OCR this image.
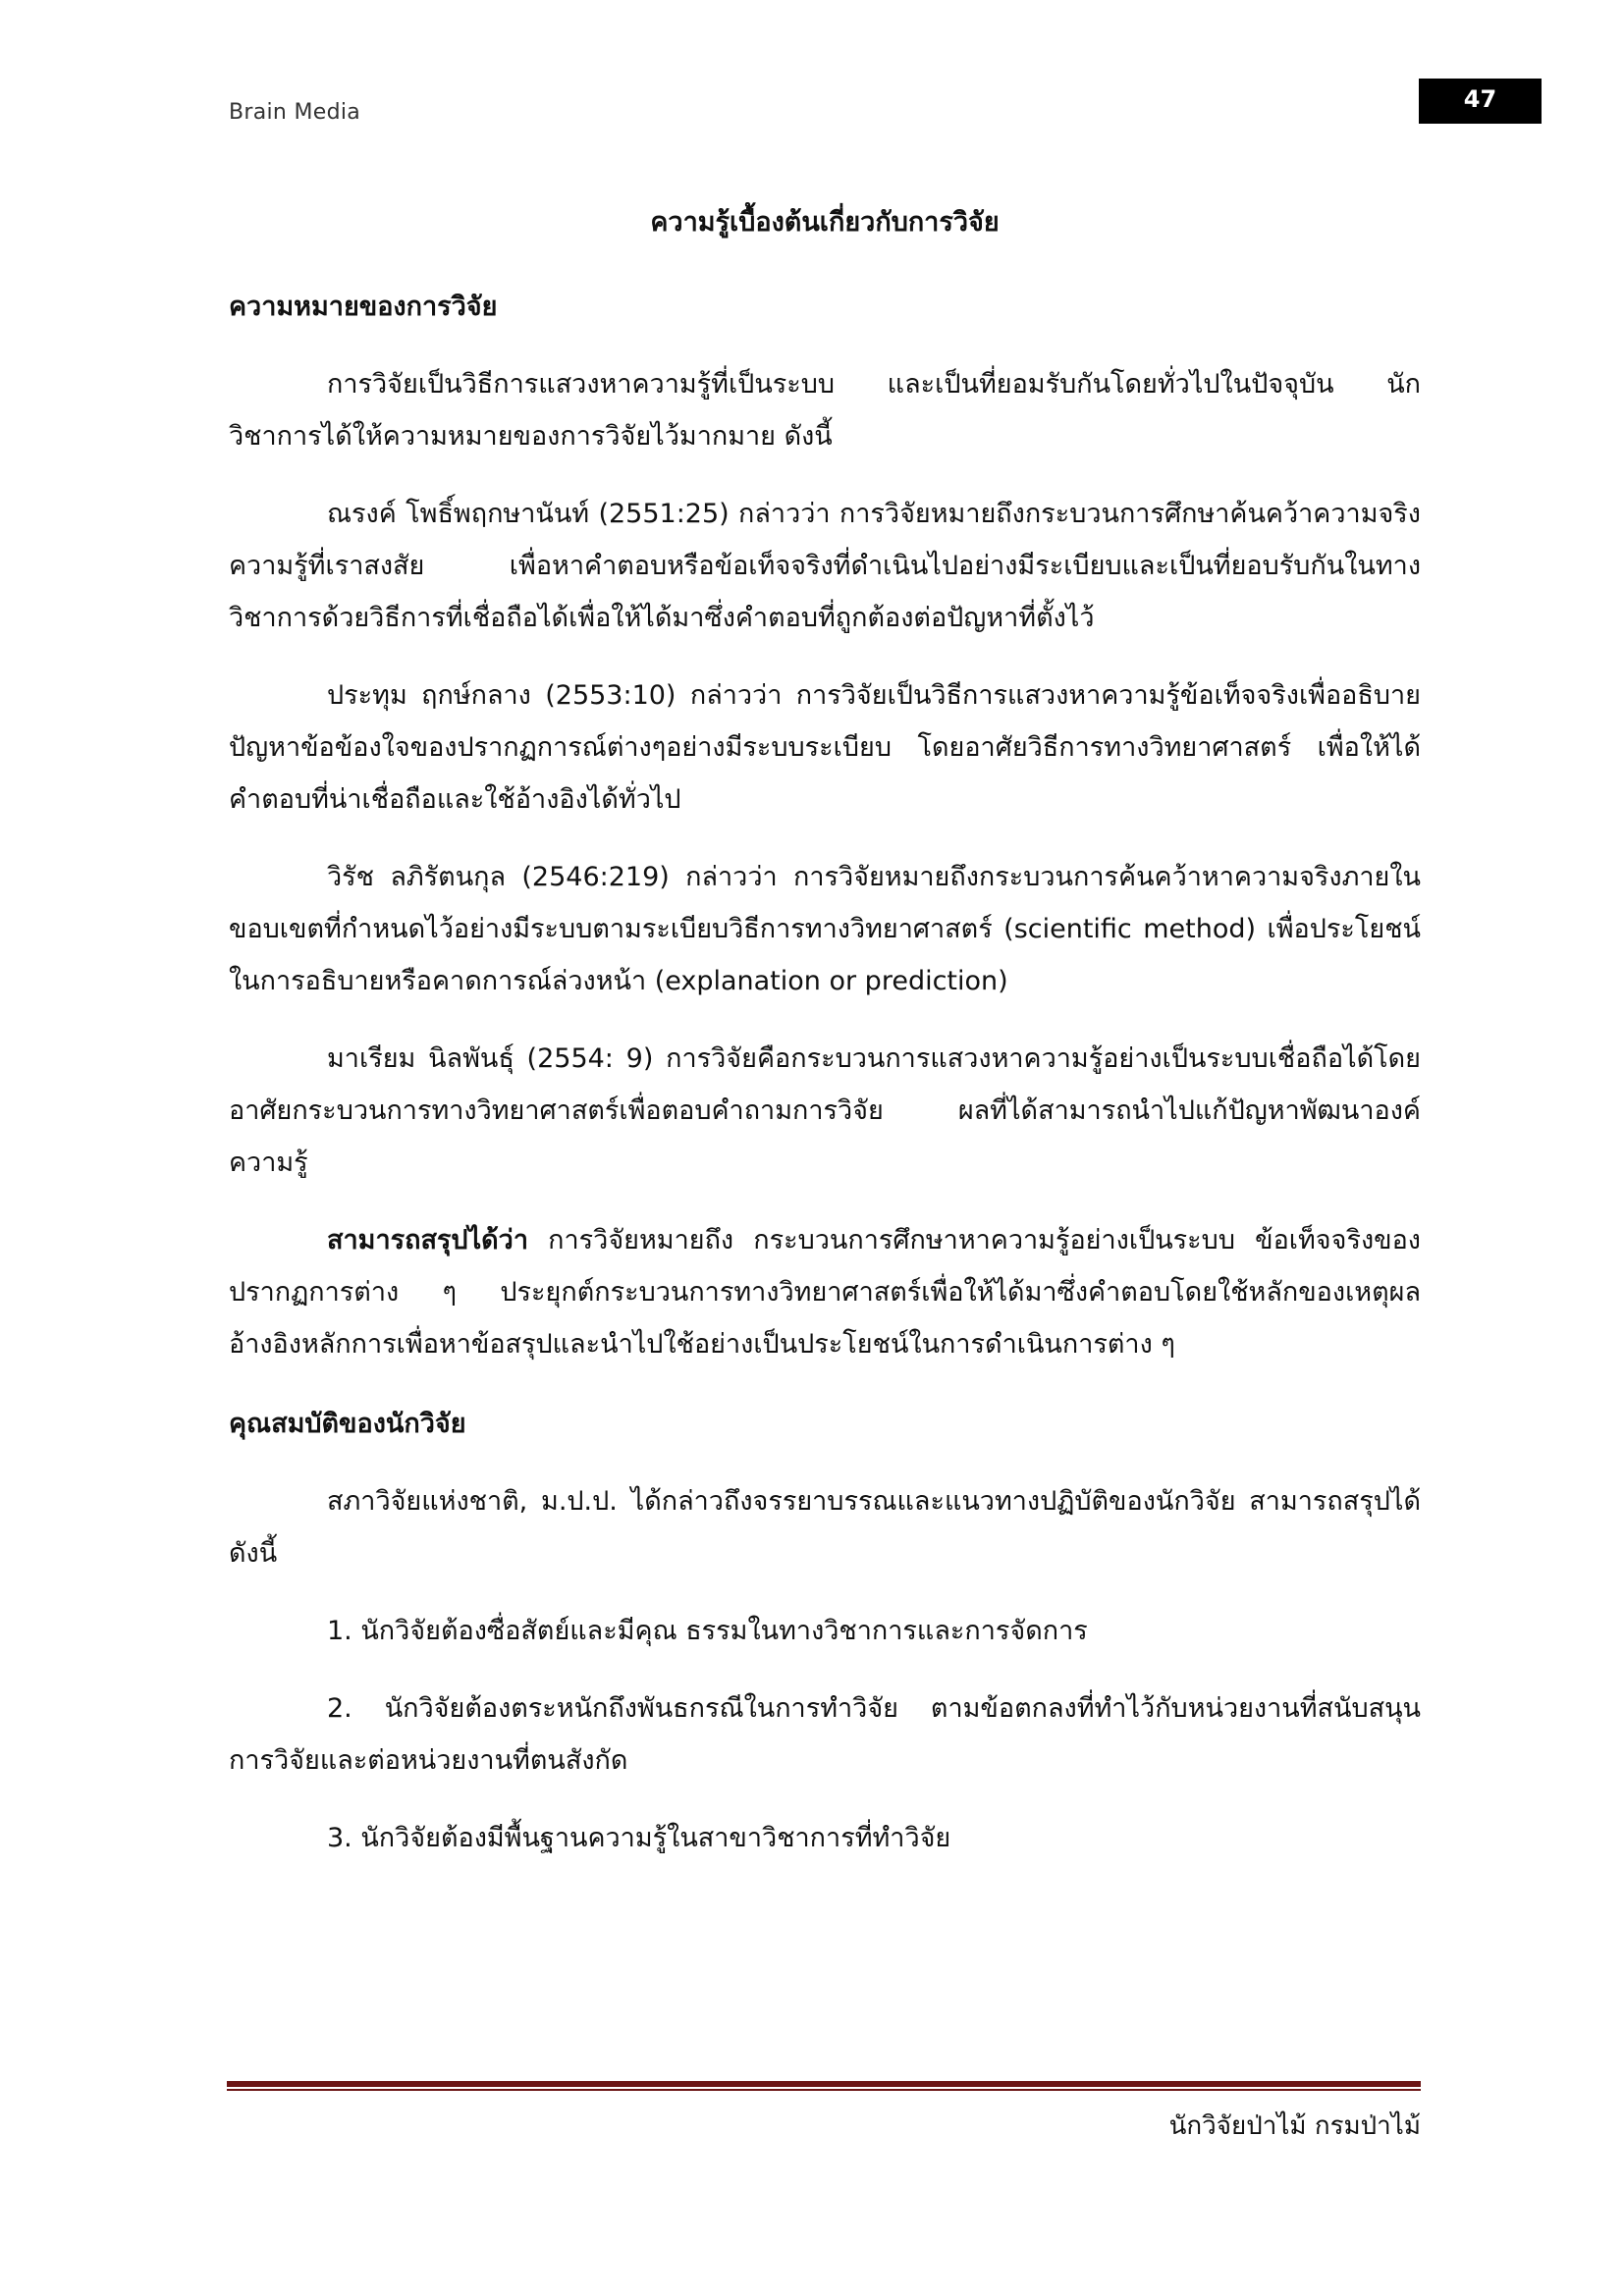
Brain Media	47

ความรู้เบื้องต้นเกี่ยวกับการวิจัย

ความหมายของการวิจัย

การวิจัยเป็นวิธีการแสวงหาความรู้ที่เป็นระบบ และเป็นที่ยอมรับกันโดยทั่วไปในปัจจุบัน นักวิชาการได้ให้ความหมายของการวิจัยไว้มากมาย ดังนี้

ณรงค์ โพธิ์พฤกษานันท์ (2551:25) กล่าวว่า การวิจัยหมายถึงกระบวนการศึกษาค้นคว้าความจริง ความรู้ที่เราสงสัย เพื่อหาคำตอบหรือข้อเท็จจริงที่ดำเนินไปอย่างมีระเบียบและเป็นที่ยอบรับกันในทาง วิชาการด้วยวิธีการที่เชื่อถือได้เพื่อให้ได้มาซึ่งคำตอบที่ถูกต้องต่อปัญหาที่ตั้งไว้

ประทุม ฤกษ์กลาง (2553:10) กล่าวว่า การวิจัยเป็นวิธีการแสวงหาความรู้ข้อเท็จจริงเพื่ออธิบาย ปัญหาข้อข้องใจของปรากฏการณ์ต่างๆอย่างมีระบบระเบียบ โดยอาศัยวิธีการทางวิทยาศาสตร์ เพื่อให้ได้ คำตอบที่น่าเชื่อถือและใช้อ้างอิงได้ทั่วไป

วิรัช ลภิรัตนกุล (2546:219) กล่าวว่า การวิจัยหมายถึงกระบวนการค้นคว้าหาความจริงภายใน ขอบเขตที่กำหนดไว้อย่างมีระบบตามระเบียบวิธีการทางวิทยาศาสตร์ (scientific method) เพื่อประโยชน์ ในการอธิบายหรือคาดการณ์ล่วงหน้า (explanation or prediction)

มาเรียม นิลพันธุ์ (2554: 9) การวิจัยคือกระบวนการแสวงหาความรู้อย่างเป็นระบบเชื่อถือได้โดย อาศัยกระบวนการทางวิทยาศาสตร์เพื่อตอบคำถามการวิจัย ผลที่ได้สามารถนำไปแก้ปัญหาพัฒนาองค์ ความรู้

สามารถสรุปได้ว่า การวิจัยหมายถึง กระบวนการศึกษาหาความรู้อย่างเป็นระบบ ข้อเท็จจริงของ ปรากฏการต่าง ๆ ประยุกต์กระบวนการทางวิทยาศาสตร์เพื่อให้ได้มาซึ่งคำตอบโดยใช้หลักของเหตุผล อ้างอิงหลักการเพื่อหาข้อสรุปและนำไปใช้อย่างเป็นประโยชน์ในการดำเนินการต่าง ๆ

คุณสมบัติของนักวิจัย

สภาวิจัยแห่งชาติ, ม.ป.ป. ได้กล่าวถึงจรรยาบรรณและแนวทางปฏิบัติของนักวิจัย สามารถสรุปได้ ดังนี้

1. นักวิจัยต้องซื่อสัตย์และมีคุณ ธรรมในทางวิชาการและการจัดการ

2. นักวิจัยต้องตระหนักถึงพันธกรณีในการทำวิจัย ตามข้อตกลงที่ทำไว้กับหน่วยงานที่สนับสนุน การวิจัยและต่อหน่วยงานที่ตนสังกัด

3. นักวิจัยต้องมีพื้นฐานความรู้ในสาขาวิชาการที่ทำวิจัย

นักวิจัยป่าไม้ กรมป่าไม้
